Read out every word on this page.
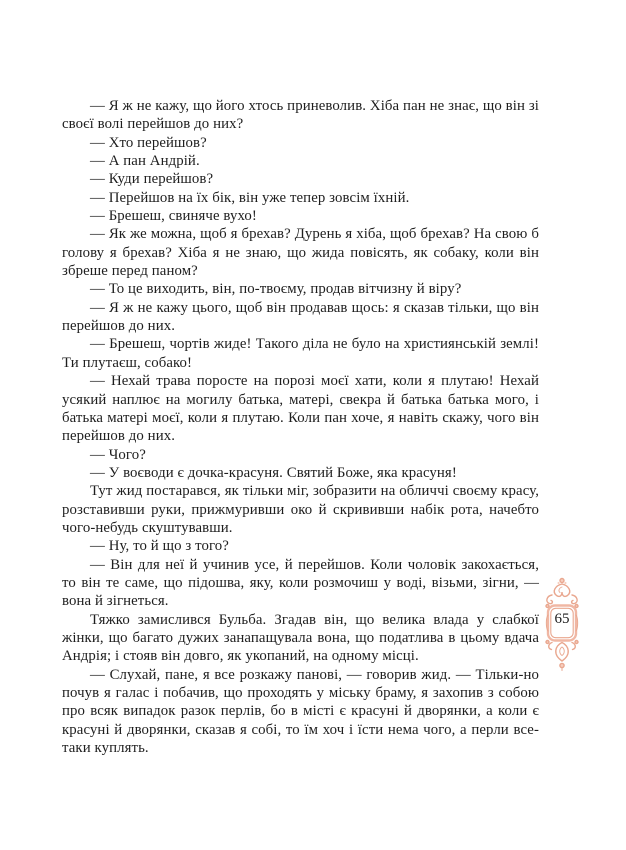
— Я ж не кажу, що його хтось приневолив. Хіба пан не знає, що він зі своєї волі перейшов до них?

— Хто перейшов?

— А пан Андрій.

— Куди перейшов?

— Перейшов на їх бік, він уже тепер зовсім їхній.

— Брешеш, свиняче вухо!

— Як же можна, щоб я брехав? Дурень я хіба, щоб брехав? На свою б голову я брехав? Хіба я не знаю, що жида повісять, як собаку, коли він збреше перед паном?

— То це виходить, він, по-твоєму, продав вітчизну й віру?

— Я ж не кажу цього, щоб він продавав щось: я сказав тільки, що він перейшов до них.

— Брешеш, чортів жиде! Такого діла не було на християнській землі! Ти плутаєш, собако!

— Нехай трава поросте на порозі моєї хати, коли я плутаю! Нехай усякий наплює на могилу батька, матері, свекра й батька батька мого, і батька матері моєї, коли я плутаю. Коли пан хоче, я навіть скажу, чого він перейшов до них.

— Чого?

— У воєводи є дочка-красуня. Святий Боже, яка красуня!

Тут жид постарався, як тільки міг, зобразити на обличчі своєму красу, розставивши руки, прижмуривши око й скрививши набік рота, начебто чого-небудь скуштувавши.

— Ну, то й що з того?

— Він для неї й учинив усе, й перейшов. Коли чоловік закохається, то він те саме, що підошва, яку, коли розмочиш у воді, візьми, зігни, — вона й зігнеться.

Тяжко замислився Бульба. Згадав він, що велика влада у слабкої жінки, що багато дужих занапащувала вона, що податлива в цьому вдача Андрія; і стояв він довго, як укопаний, на одному місці.

— Слухай, пане, я все розкажу панові, — говорив жид. — Тільки-но почув я галас і побачив, що проходять у міську браму, я захопив з собою про всяк випадок разок перлів, бо в місті є красуні й дворянки, а коли є красуні й дворянки, сказав я собі, то їм хоч і їсти нема чого, а перли все-таки куплять.

65
